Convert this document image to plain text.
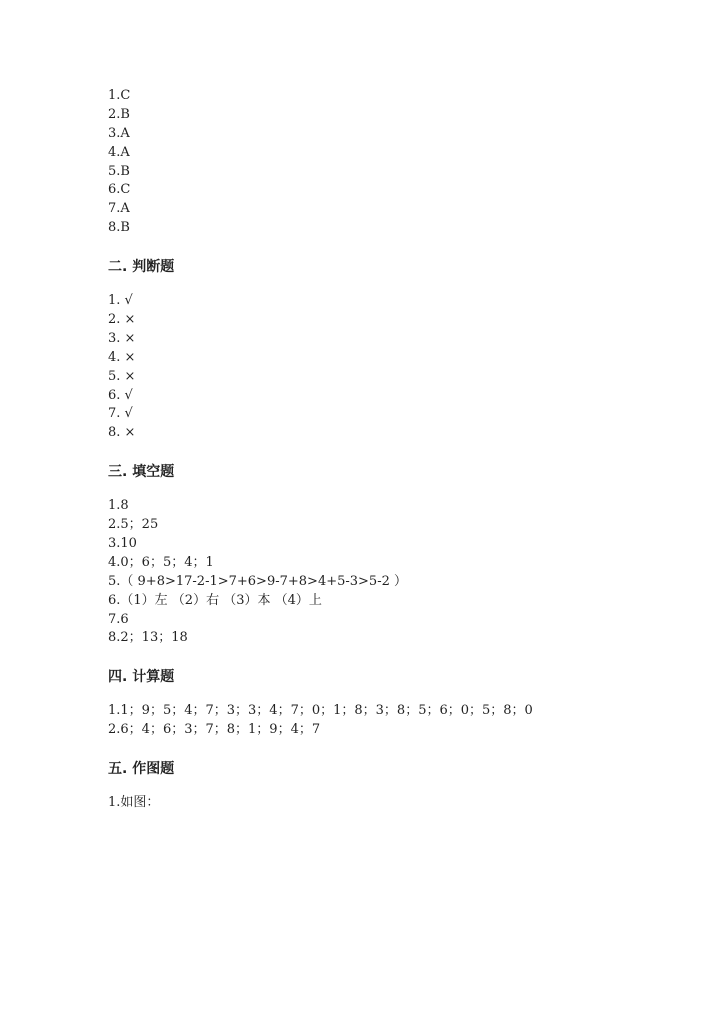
1.C
2.B
3.A
4.A
5.B
6.C
7.A
8.B
二. 判断题
1. √
2. ×
3. ×
4. ×
5. ×
6. √
7. √
8. ×
三. 填空题
1.8
2.5；25
3.10
4.0；6；5；4；1
5.（ 9+8>17-2-1>7+6>9-7+8>4+5-3>5-2 ）
6.（1）左 （2）右 （3）本 （4）上
7.6
8.2；13；18
四. 计算题
1.1；9；5；4；7；3；3；4；7；0；1；8；3；8；5；6；0；5；8；0
2.6；4；6；3；7；8；1；9；4；7
五. 作图题
1.如图：
